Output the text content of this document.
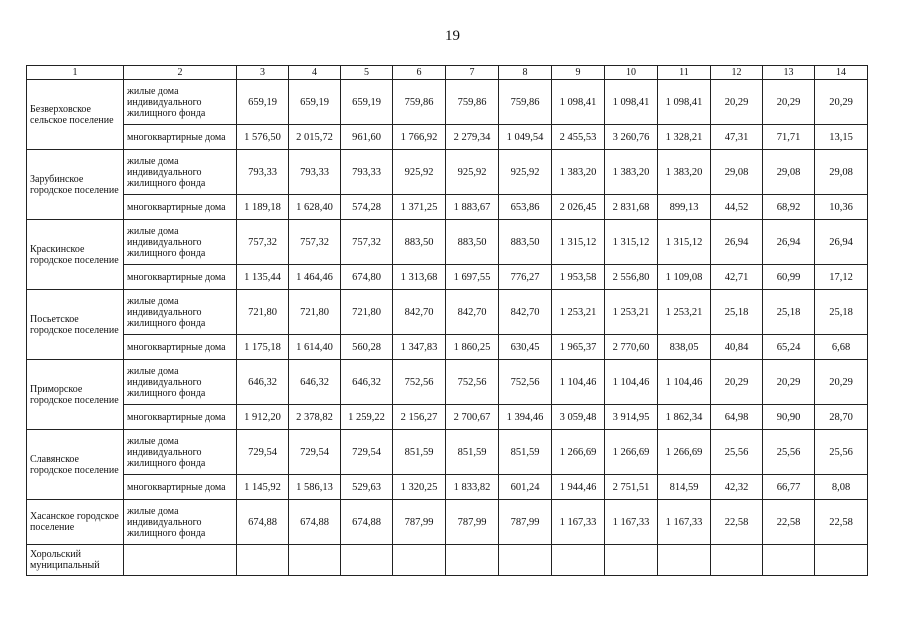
19
1	2	3	4	5	6	7	8	9	10	11	12	13	14
Безверховское сельское поселение	жилые дома индивидуального жилищного фонда	659,19	659,19	659,19	759,86	759,86	759,86	1 098,41	1 098,41	1 098,41	20,29	20,29	20,29
	многоквартирные дома	1 576,50	2 015,72	961,60	1 766,92	2 279,34	1 049,54	2 455,53	3 260,76	1 328,21	47,31	71,71	13,15
Зарубинское городское поселение	жилые дома индивидуального жилищного фонда	793,33	793,33	793,33	925,92	925,92	925,92	1 383,20	1 383,20	1 383,20	29,08	29,08	29,08
	многоквартирные дома	1 189,18	1 628,40	574,28	1 371,25	1 883,67	653,86	2 026,45	2 831,68	899,13	44,52	68,92	10,36
Краскинское городское поселение	жилые дома индивидуального жилищного фонда	757,32	757,32	757,32	883,50	883,50	883,50	1 315,12	1 315,12	1 315,12	26,94	26,94	26,94
	многоквартирные дома	1 135,44	1 464,46	674,80	1 313,68	1 697,55	776,27	1 953,58	2 556,80	1 109,08	42,71	60,99	17,12
Посьетское городское поселение	жилые дома индивидуального жилищного фонда	721,80	721,80	721,80	842,70	842,70	842,70	1 253,21	1 253,21	1 253,21	25,18	25,18	25,18
	многоквартирные дома	1 175,18	1 614,40	560,28	1 347,83	1 860,25	630,45	1 965,37	2 770,60	838,05	40,84	65,24	6,68
Приморское городское поселение	жилые дома индивидуального жилищного фонда	646,32	646,32	646,32	752,56	752,56	752,56	1 104,46	1 104,46	1 104,46	20,29	20,29	20,29
	многоквартирные дома	1 912,20	2 378,82	1 259,22	2 156,27	2 700,67	1 394,46	3 059,48	3 914,95	1 862,34	64,98	90,90	28,70
Славянское городское поселение	жилые дома индивидуального жилищного фонда	729,54	729,54	729,54	851,59	851,59	851,59	1 266,69	1 266,69	1 266,69	25,56	25,56	25,56
	многоквартирные дома	1 145,92	1 586,13	529,63	1 320,25	1 833,82	601,24	1 944,46	2 751,51	814,59	42,32	66,77	8,08
Хасанское городское поселение	жилые дома индивидуального жилищного фонда	674,88	674,88	674,88	787,99	787,99	787,99	1 167,33	1 167,33	1 167,33	22,58	22,58	22,58
Хорольский муниципальный													
